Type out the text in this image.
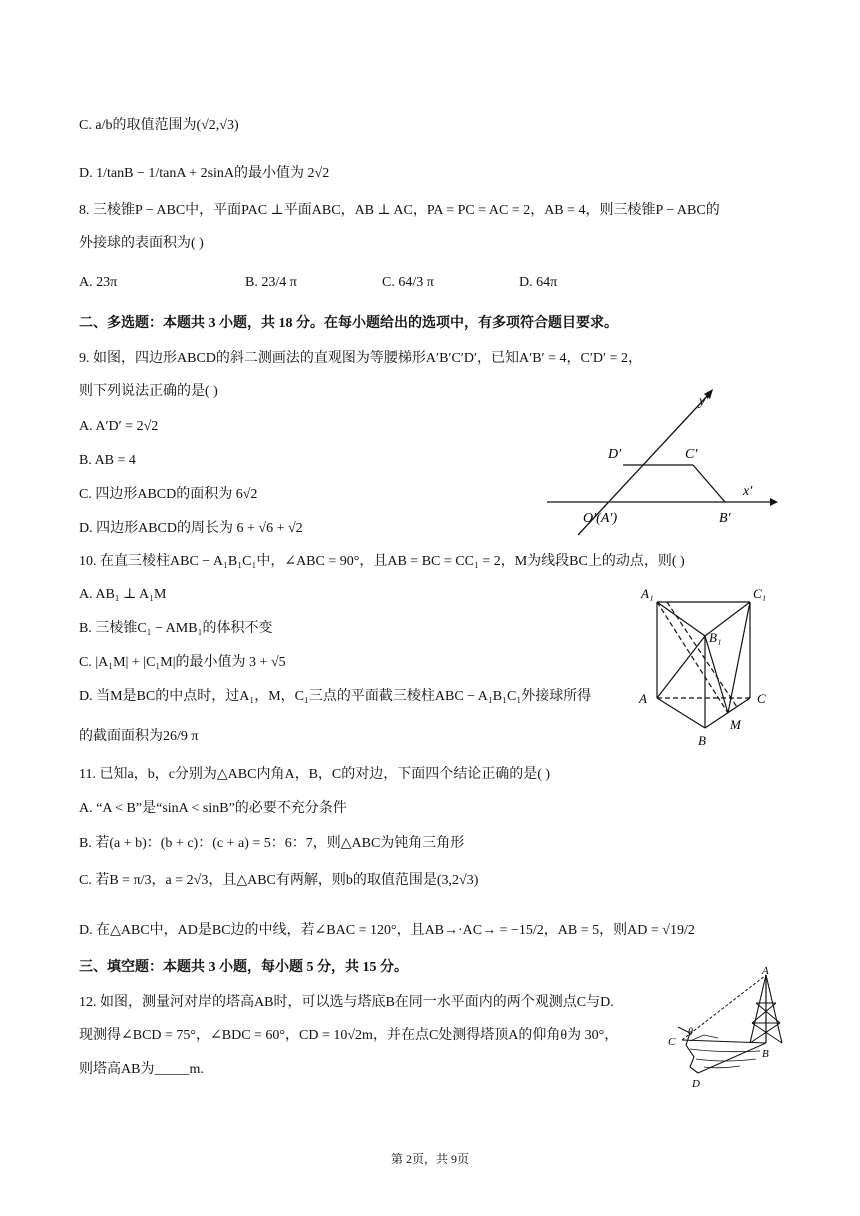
C. a/b的取值范围为(√2,√3)
D. 1/tanB − 1/tanA + 2sinA的最小值为 2√2
8. 三棱锥P − ABC中，平面PAC ⊥平面ABC，AB ⊥ AC，PA = PC = AC = 2，AB = 4，则三棱锥P − ABC的
外接球的表面积为( )
A. 23π	B. 23/4 π	C. 64/3 π	D. 64π
二、多选题：本题共 3 小题，共 18 分。在每小题给出的选项中，有多项符合题目要求。
9. 如图，四边形ABCD的斜二测画法的直观图为等腰梯形A′B′C′D′，已知A′B′ = 4，C′D′ = 2，
则下列说法正确的是( )
A. A′D′ = 2√2
B. AB = 4
C. 四边形ABCD的面积为 6√2
D. 四边形ABCD的周长为 6 + √6 + √2
10. 在直三棱柱ABC − A₁B₁C₁中，∠ABC = 90°，且AB = BC = CC₁ = 2，M为线段BC上的动点，则( )
A. AB₁ ⊥ A₁M
B. 三棱锥C₁ − AMB₁的体积不变
C. |A₁M| + |C₁M|的最小值为 3 + √5
D. 当M是BC的中点时，过A₁，M，C₁三点的平面截三棱柱ABC − A₁B₁C₁外接球所得
的截面面积为26/9 π
11. 已知a，b，c分别为△ABC内角A，B，C的对边，下面四个结论正确的是( )
A. “A < B”是“sinA < sinB”的必要不充分条件
B. 若(a + b)：(b + c)：(c + a) = 5：6：7，则△ABC为钝角三角形
C. 若B = π/3，a = 2√3，且△ABC有两解，则b的取值范围是(3,2√3)
D. 在△ABC中，AD是BC边的中线，若∠BAC = 120°，且AB→·AC→ = −15/2，AB = 5，则AD = √19/2
三、填空题：本题共 3 小题，每小题 5 分，共 15 分。
12. 如图，测量河对岸的塔高AB时，可以选与塔底B在同一水平面内的两个观测点C与D.
现测得∠BCD = 75°，∠BDC = 60°，CD = 10√2m，并在点C处测得塔顶A的仰角θ为 30°，
则塔高AB为_____m.
y′
x′
D′	C′
O′(A′)	B′
A₁	C₁
B₁
A	C
M
B
A
C
θ
B
D
第 2页，共 9页
